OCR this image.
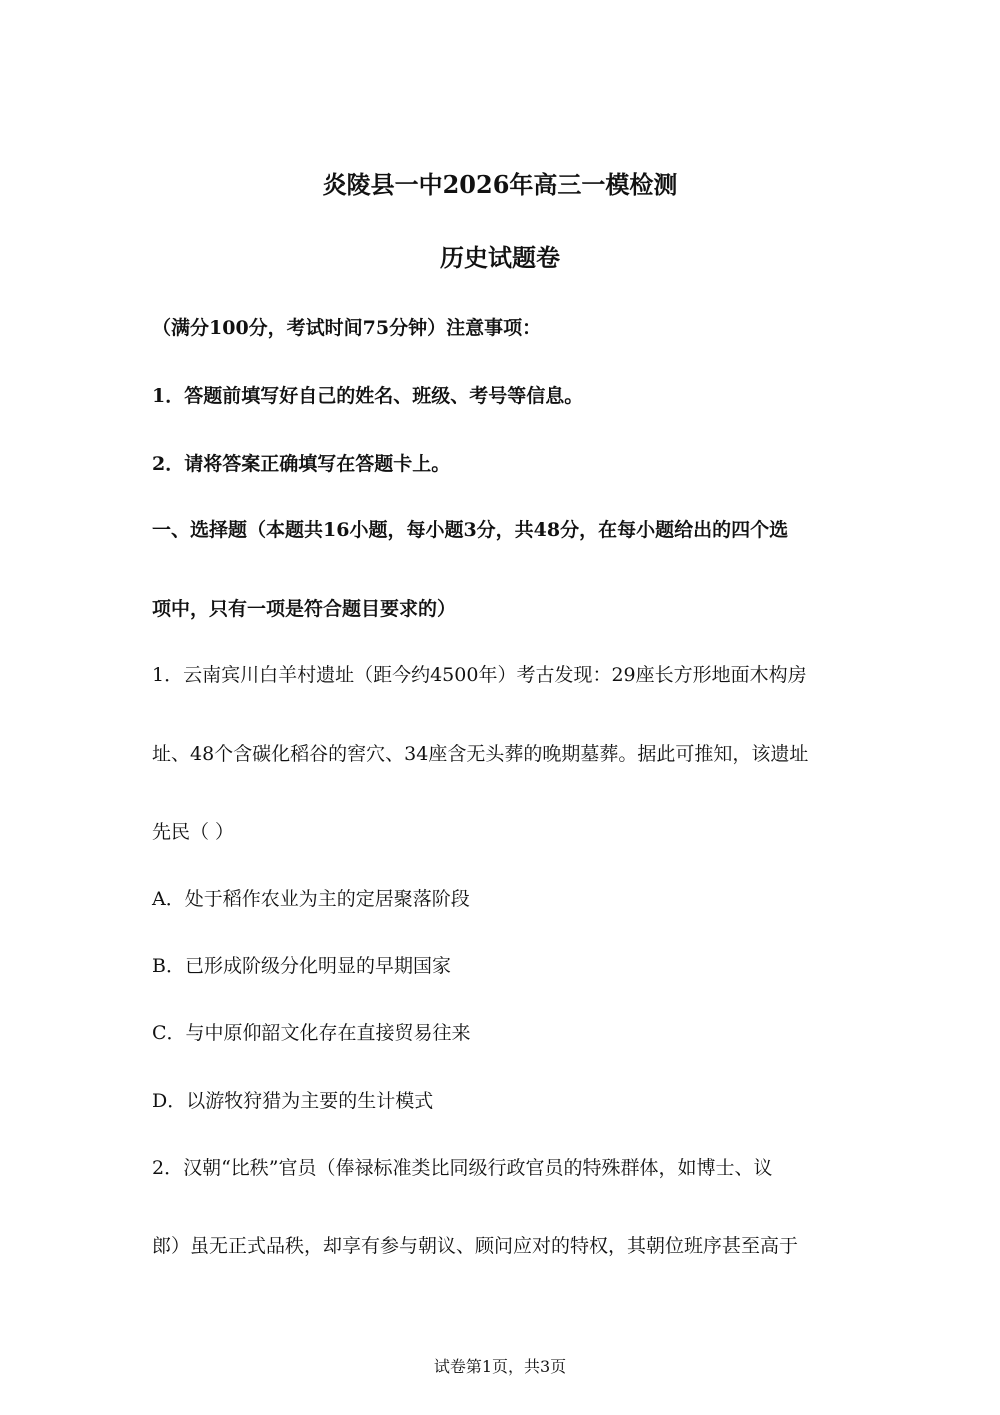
炎陵县一中2026年高三一模检测
历史试题卷
（满分100分，考试时间75分钟）注意事项：
1．答题前填写好自己的姓名、班级、考号等信息。
2．请将答案正确填写在答题卡上。
一、选择题（本题共16小题，每小题3分，共48分，在每小题给出的四个选
项中，只有一项是符合题目要求的）
1．云南宾川白羊村遗址（距今约4500年）考古发现：29座长方形地面木构房
址、48个含碳化稻谷的窖穴、34座含无头葬的晚期墓葬。据此可推知，该遗址
先民（ ）
A．处于稻作农业为主的定居聚落阶段
B．已形成阶级分化明显的早期国家
C．与中原仰韶文化存在直接贸易往来
D．以游牧狩猎为主要的生计模式
2．汉朝“比秩”官员（俸禄标准类比同级行政官员的特殊群体，如博士、议
郎）虽无正式品秩，却享有参与朝议、顾问应对的特权，其朝位班序甚至高于
试卷第1页，共3页
